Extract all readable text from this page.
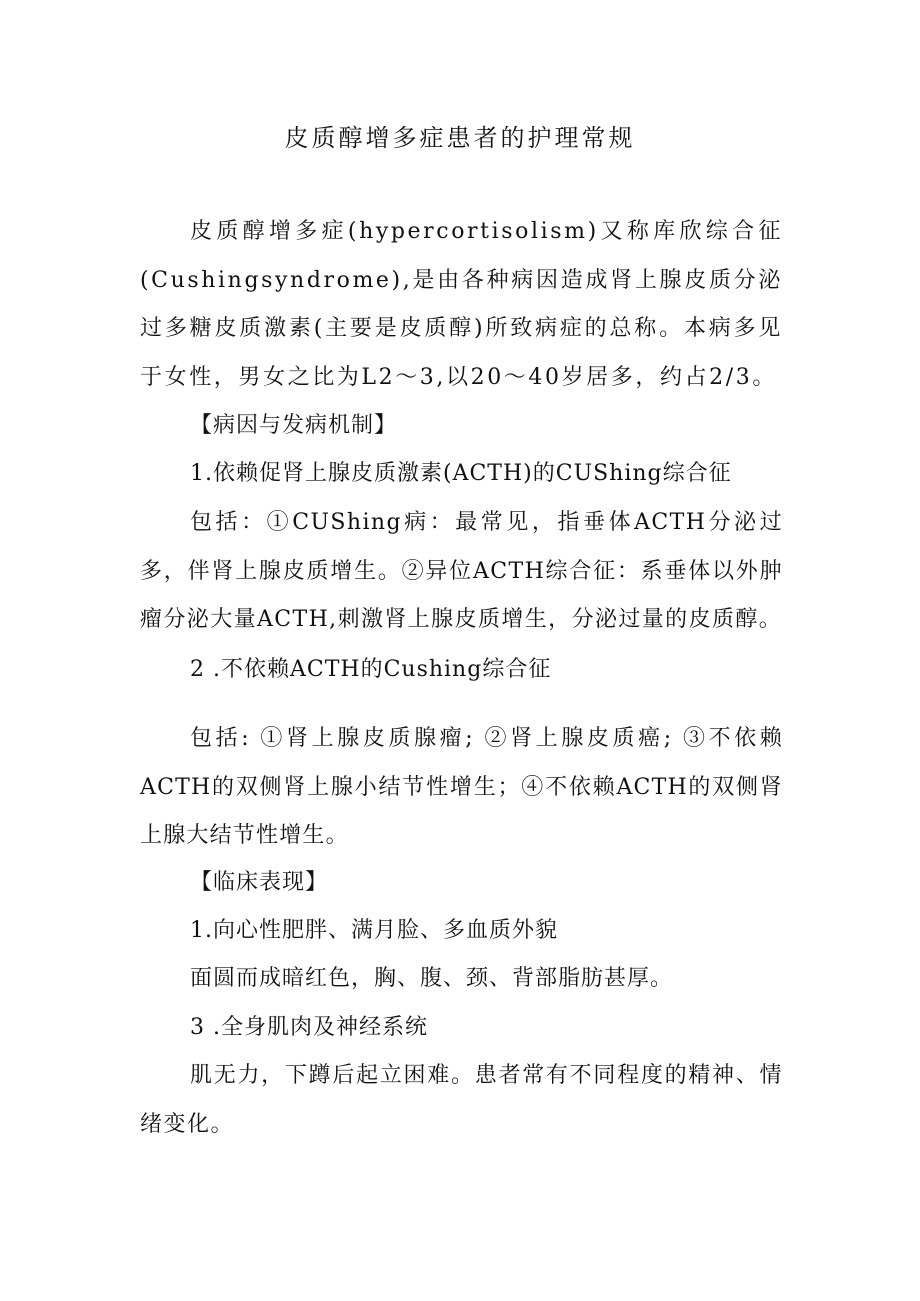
皮质醇增多症患者的护理常规

皮质醇增多症(hypercortisolism)又称库欣综合征(Cushingsyndrome),是由各种病因造成肾上腺皮质分泌过多糖皮质激素(主要是皮质醇)所致病症的总称。本病多见于女性，男女之比为L2～3,以20～40岁居多，约占2/3。

【病因与发病机制】

1.依赖促肾上腺皮质激素(ACTH)的CUShing综合征

包括：①CUShing病：最常见，指垂体ACTH分泌过多，伴肾上腺皮质增生。②异位ACTH综合征：系垂体以外肿瘤分泌大量ACTH,刺激肾上腺皮质增生，分泌过量的皮质醇。

2 .不依赖ACTH的Cushing综合征

包括: ①肾上腺皮质腺瘤; ②肾上腺皮质癌; ③不依赖ACTH的双侧肾上腺小结节性增生；④不依赖ACTH的双侧肾上腺大结节性增生。

【临床表现】

1.向心性肥胖、满月脸、多血质外貌

面圆而成暗红色，胸、腹、颈、背部脂肪甚厚。

3 .全身肌肉及神经系统

肌无力，下蹲后起立困难。患者常有不同程度的精神、情绪变化。
